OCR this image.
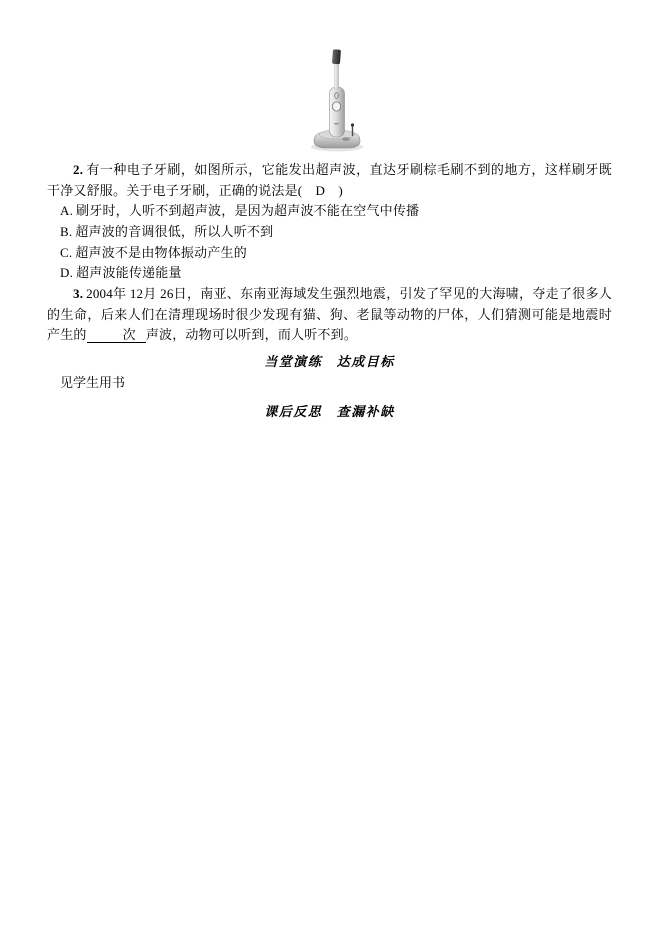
2. 有一种电子牙刷，如图所示，它能发出超声波，直达牙刷棕毛刷不到的地方，这样刷牙既干净又舒服。关于电子牙刷，正确的说法是(　D　)

A. 刷牙时，人听不到超声波，是因为超声波不能在空气中传播

B. 超声波的音调很低，所以人听不到

C. 超声波不是由物体振动产生的

D. 超声波能传递能量

3. 2004年 12月 26日，南亚、东南亚海域发生强烈地震，引发了罕见的大海啸，夺走了很多人的生命，后来人们在清理现场时很少发现有猫、狗、老鼠等动物的尸体，人们猜测可能是地震时产生的	次 声波，动物可以听到，而人听不到。

当堂演练　达成目标

见学生用书

课后反思　查漏补缺
